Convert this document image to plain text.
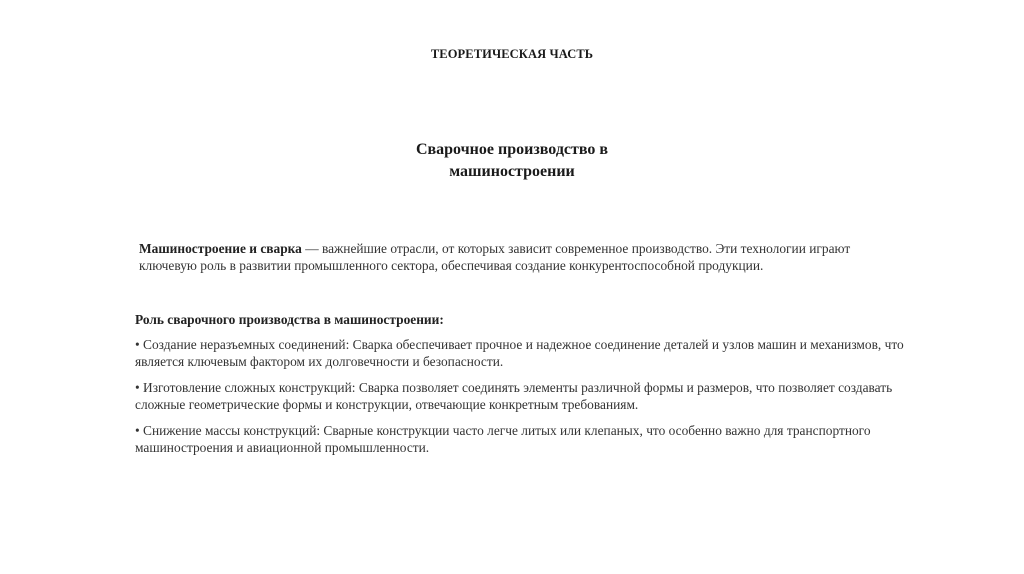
ТЕОРЕТИЧЕСКАЯ ЧАСТЬ
Сварочное производство в
машиностроении
Машиностроение и сварка — важнейшие отрасли, от которых зависит современное производство. Эти технологии играют ключевую роль в развитии промышленного сектора, обеспечивая создание конкурентоспособной продукции.
Роль сварочного производства в машиностроении:
• Создание неразъемных соединений: Сварка обеспечивает прочное и надежное соединение деталей и узлов машин и механизмов, что является ключевым фактором их долговечности и безопасности.
• Изготовление сложных конструкций: Сварка позволяет соединять элементы различной формы и размеров, что позволяет создавать сложные геометрические формы и конструкции, отвечающие конкретным требованиям.
• Снижение массы конструкций: Сварные конструкции часто легче литых или клепаных, что особенно важно для транспортного машиностроения и авиационной промышленности.
